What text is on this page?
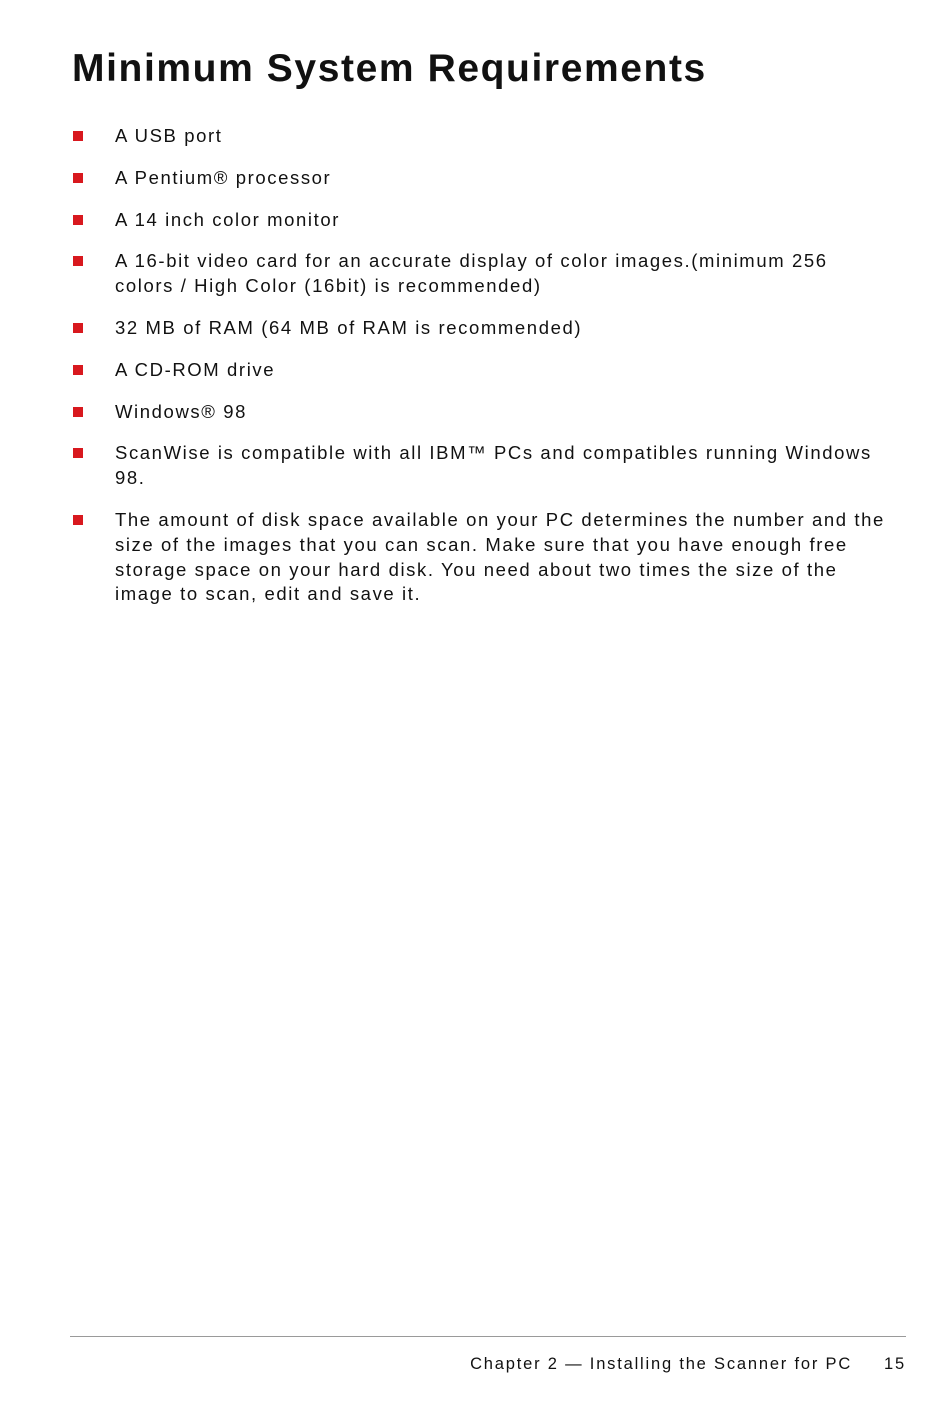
Minimum System Requirements
A USB port
A Pentium® processor
A 14 inch color monitor
A 16-bit video card for an accurate display of color images.(minimum 256 colors / High Color (16bit) is recommended)
32 MB of RAM (64 MB of RAM is recommended)
A CD-ROM drive
Windows® 98
ScanWise is compatible with all IBM™ PCs and compatibles running Windows 98.
The amount of disk space available on your PC determines the number and the size of the images that you can scan. Make sure that you have enough free storage space on your hard disk. You need about two times the size of the image to scan, edit and save it.
Chapter 2 — Installing the Scanner for PC 15
